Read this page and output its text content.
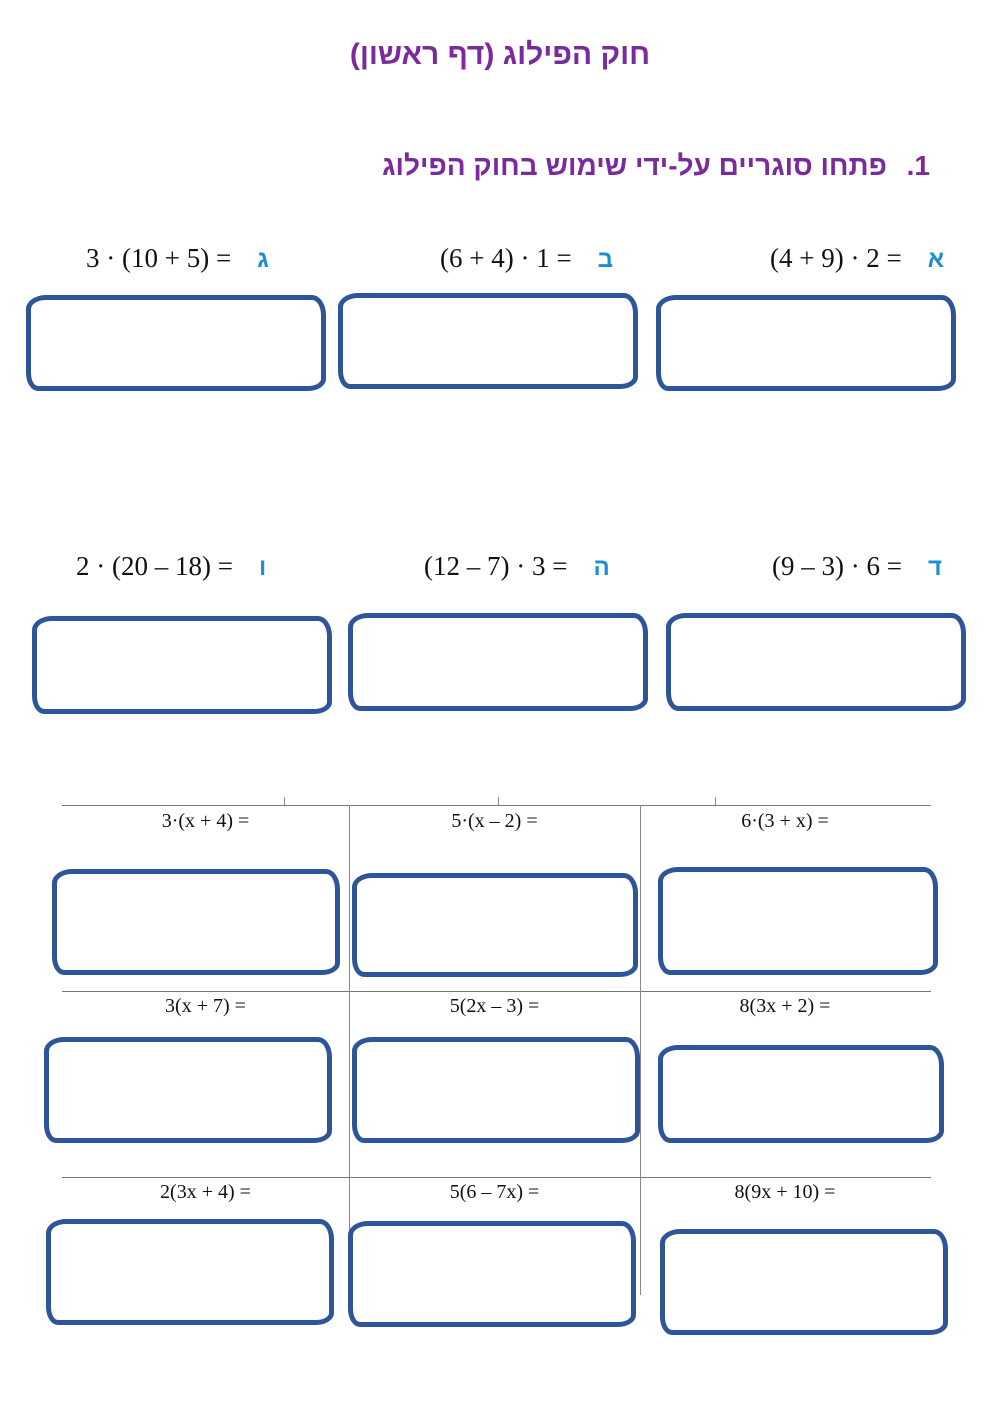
חוק הפילוג (דף ראשון)
1. פתחו סוגריים על-ידי שימוש בחוק הפילוג
(4 + 9) · 2 = א
(6 + 4) · 1 = ב
3 · (10 + 5) = ג
(9 – 3) · 6 = ד
(12 – 7) · 3 = ה
2 · (20 – 18) = ו
6·(3 + x) =
5·(x – 2) =
3·(x + 4) =
8(3x + 2) =
5(2x – 3) =
3(x + 7) =
8(9x + 10) =
5(6 – 7x) =
2(3x + 4) =
